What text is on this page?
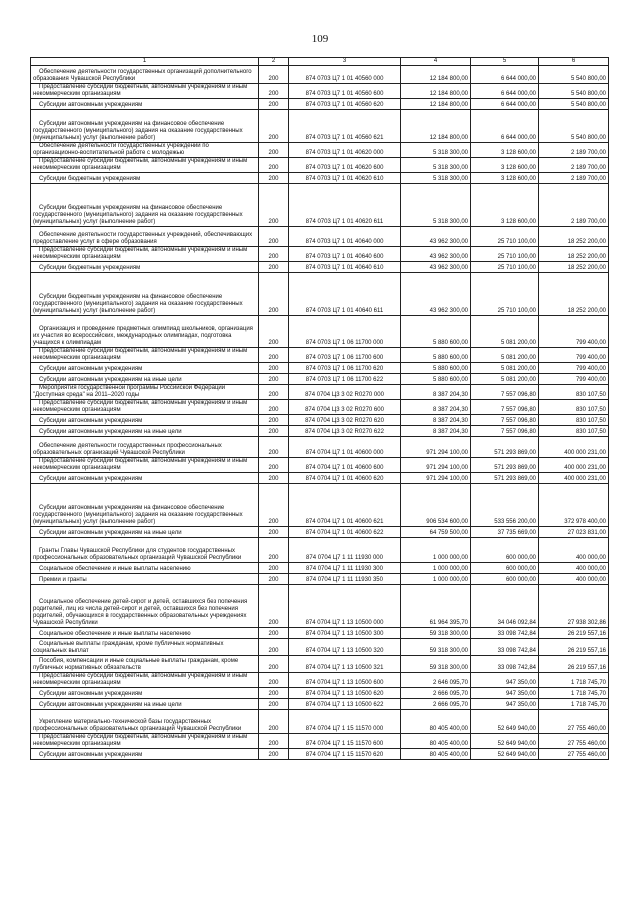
109
1	2	3	4	5	6
Обеспечение деятельности государственных организаций дополнительного образования Чувашской Республики	200	874 0703 Ц7 1 01 40560 000	12 184 800,00	6 644 000,00	5 540 800,00
Предоставление субсидий бюджетным, автономным учреждениям и иным некоммерческим организациям	200	874 0703 Ц7 1 01 40560 600	12 184 800,00	6 644 000,00	5 540 800,00
Субсидии автономным учреждениям	200	874 0703 Ц7 1 01 40560 620	12 184 800,00	6 644 000,00	5 540 800,00
Субсидии автономным учреждениям на финансовое обеспечение государственного (муниципального) задания на оказание государственных (муниципальных) услуг (выполнение работ)	200	874 0703 Ц7 1 01 40560 621	12 184 800,00	6 644 000,00	5 540 800,00
Обеспечение деятельности государственных учреждений по организационно-воспитательной работе с молодежью	200	874 0703 Ц7 1 01 40620 000	5 318 300,00	3 128 600,00	2 189 700,00
Предоставление субсидий бюджетным, автономным учреждениям и иным некоммерческим организациям	200	874 0703 Ц7 1 01 40620 600	5 318 300,00	3 128 600,00	2 189 700,00
Субсидии бюджетным учреждениям	200	874 0703 Ц7 1 01 40620 610	5 318 300,00	3 128 600,00	2 189 700,00
Субсидии бюджетным учреждениям на финансовое обеспечение государственного (муниципального) задания на оказание государственных (муниципальных) услуг (выполнение работ)	200	874 0703 Ц7 1 01 40620 611	5 318 300,00	3 128 600,00	2 189 700,00
Обеспечение деятельности государственных учреждений, обеспечивающих предоставление услуг в сфере образования	200	874 0703 Ц7 1 01 40640 000	43 962 300,00	25 710 100,00	18 252 200,00
Предоставление субсидий бюджетным, автономным учреждениям и иным некоммерческим организациям	200	874 0703 Ц7 1 01 40640 600	43 962 300,00	25 710 100,00	18 252 200,00
Субсидии бюджетным учреждениям	200	874 0703 Ц7 1 01 40640 610	43 962 300,00	25 710 100,00	18 252 200,00
Субсидии бюджетным учреждениям на финансовое обеспечение государственного (муниципального) задания на оказание государственных (муниципальных) услуг (выполнение работ)	200	874 0703 Ц7 1 01 40640 611	43 962 300,00	25 710 100,00	18 252 200,00
Организация и проведение предметных олимпиад школьников, организация их участия во всероссийских, международных олимпиадах, подготовка учащихся к олимпиадам	200	874 0703 Ц7 1 06 11700 000	5 880 600,00	5 081 200,00	799 400,00
Предоставление субсидий бюджетным, автономным учреждениям и иным некоммерческим организациям	200	874 0703 Ц7 1 06 11700 600	5 880 600,00	5 081 200,00	799 400,00
Субсидии автономным учреждениям	200	874 0703 Ц7 1 06 11700 620	5 880 600,00	5 081 200,00	799 400,00
Субсидии автономным учреждениям на иные цели	200	874 0703 Ц7 1 06 11700 622	5 880 600,00	5 081 200,00	799 400,00
Мероприятия государственной программы Российской Федерации "Доступная среда" на 2011–2020 годы	200	874 0704 Ц3 3 02 R0270 000	8 387 204,30	7 557 096,80	830 107,50
Предоставление субсидий бюджетным, автономным учреждениям и иным некоммерческим организациям	200	874 0704 Ц3 3 02 R0270 600	8 387 204,30	7 557 096,80	830 107,50
Субсидии автономным учреждениям	200	874 0704 Ц3 3 02 R0270 620	8 387 204,30	7 557 096,80	830 107,50
Субсидии автономным учреждениям на иные цели	200	874 0704 Ц3 3 02 R0270 622	8 387 204,30	7 557 096,80	830 107,50
Обеспечение деятельности государственных профессиональных образовательных организаций Чувашской Республики	200	874 0704 Ц7 1 01 40600 000	971 294 100,00	571 293 869,00	400 000 231,00
Предоставление субсидий бюджетным, автономным учреждениям и иным некоммерческим организациям	200	874 0704 Ц7 1 01 40600 600	971 294 100,00	571 293 869,00	400 000 231,00
Субсидии автономным учреждениям	200	874 0704 Ц7 1 01 40600 620	971 294 100,00	571 293 869,00	400 000 231,00
Субсидии автономным учреждениям на финансовое обеспечение государственного (муниципального) задания на оказание государственных (муниципальных) услуг (выполнение работ)	200	874 0704 Ц7 1 01 40600 621	906 534 600,00	533 556 200,00	372 978 400,00
Субсидии автономным учреждениям на иные цели	200	874 0704 Ц7 1 01 40600 622	64 759 500,00	37 735 669,00	27 023 831,00
Гранты Главы Чувашской Республики для студентов государственных профессиональных образовательных организаций Чувашской Республики	200	874 0704 Ц7 1 11 11930 000	1 000 000,00	600 000,00	400 000,00
Социальное обеспечение и иные выплаты населению	200	874 0704 Ц7 1 11 11930 300	1 000 000,00	600 000,00	400 000,00
Премии и гранты	200	874 0704 Ц7 1 11 11930 350	1 000 000,00	600 000,00	400 000,00
Социальное обеспечение детей-сирот и детей, оставшихся без попечения родителей, лиц из числа детей-сирот и детей, оставшихся без попечения родителей, обучающихся в государственных образовательных учреждениях Чувашской Республики	200	874 0704 Ц7 1 13 10500 000	61 964 395,70	34 046 092,84	27 938 302,86
Социальное обеспечение и иные выплаты населению	200	874 0704 Ц7 1 13 10500 300	59 318 300,00	33 098 742,84	26 219 557,16
Социальные выплаты гражданам, кроме публичных нормативных социальных выплат	200	874 0704 Ц7 1 13 10500 320	59 318 300,00	33 098 742,84	26 219 557,16
Пособия, компенсации и иные социальные выплаты гражданам, кроме публичных нормативных обязательств	200	874 0704 Ц7 1 13 10500 321	59 318 300,00	33 098 742,84	26 219 557,16
Предоставление субсидий бюджетным, автономным учреждениям и иным некоммерческим организациям	200	874 0704 Ц7 1 13 10500 600	2 646 095,70	947 350,00	1 718 745,70
Субсидии автономным учреждениям	200	874 0704 Ц7 1 13 10500 620	2 666 095,70	947 350,00	1 718 745,70
Субсидии автономным учреждениям на иные цели	200	874 0704 Ц7 1 13 10500 622	2 666 095,70	947 350,00	1 718 745,70
Укрепление материально-технической базы государственных профессиональных образовательных организаций Чувашской Республики	200	874 0704 Ц7 1 15 11570 000	80 405 400,00	52 649 940,00	27 755 460,00
Предоставление субсидий бюджетным, автономным учреждениям и иным некоммерческим организациям	200	874 0704 Ц7 1 15 11570 600	80 405 400,00	52 649 940,00	27 755 460,00
Субсидии автономным учреждениям	200	874 0704 Ц7 1 15 11570 620	80 405 400,00	52 649 940,00	27 755 460,00
